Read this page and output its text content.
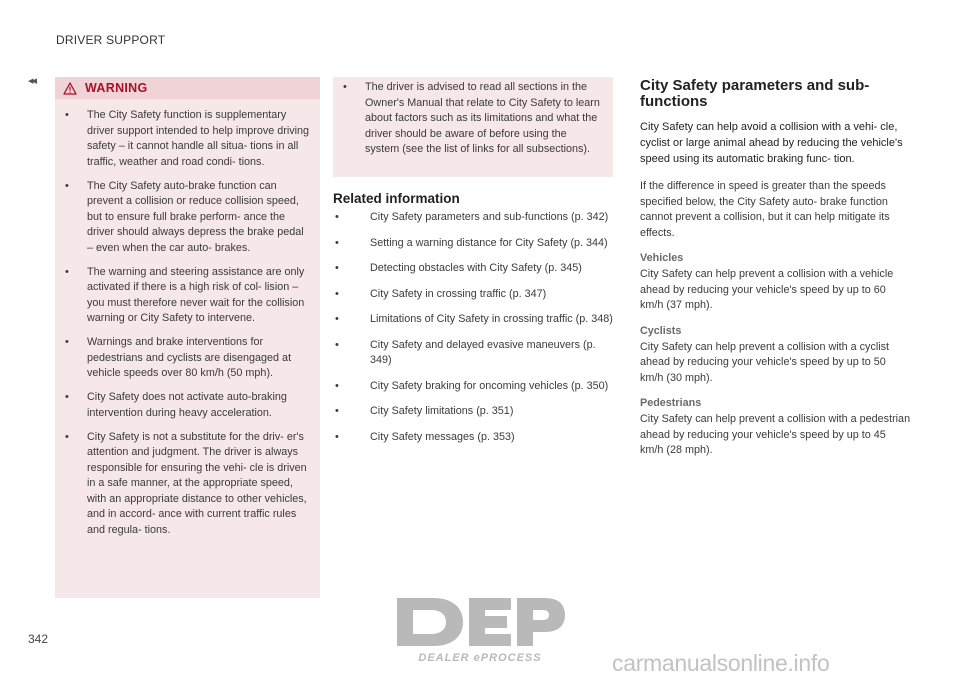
DRIVER SUPPORT
◂◂	WARNING
• The City Safety function is supplementary driver support intended to help improve driving safety – it cannot handle all situa- tions in all traffic, weather and road condi- tions.
• The City Safety auto-brake function can prevent a collision or reduce collision speed, but to ensure full brake perform- ance the driver should always depress the brake pedal – even when the car auto- brakes.
• The warning and steering assistance are only activated if there is a high risk of col- lision – you must therefore never wait for the collision warning or City Safety to intervene.
• Warnings and brake interventions for pedestrians and cyclists are disengaged at vehicle speeds over 80 km/h (50 mph).
• City Safety does not activate auto-braking intervention during heavy acceleration.
• City Safety is not a substitute for the driv- er's attention and judgment. The driver is always responsible for ensuring the vehi- cle is driven in a safe manner, at the appropriate speed, with an appropriate distance to other vehicles, and in accord- ance with current traffic rules and regula- tions.
• The driver is advised to read all sections in the Owner's Manual that relate to City Safety to learn about factors such as its limitations and what the driver should be aware of before using the system (see the list of links for all subsections).
Related information
• City Safety parameters and sub-functions (p. 342)
• Setting a warning distance for City Safety (p. 344)
• Detecting obstacles with City Safety (p. 345)
• City Safety in crossing traffic (p. 347)
• Limitations of City Safety in crossing traffic (p. 348)
• City Safety and delayed evasive maneuvers (p. 349)
• City Safety braking for oncoming vehicles (p. 350)
• City Safety limitations (p. 351)
• City Safety messages (p. 353)
City Safety parameters and sub- functions

City Safety can help avoid a collision with a vehi- cle, cyclist or large animal ahead by reducing the vehicle's speed using its automatic braking func- tion.

If the difference in speed is greater than the speeds specified below, the City Safety auto- brake function cannot prevent a collision, but it can help mitigate its effects.

Vehicles

City Safety can help prevent a collision with a vehicle ahead by reducing your vehicle's speed by up to 60 km/h (37 mph).

Cyclists

City Safety can help prevent a collision with a cyclist ahead by reducing your vehicle's speed by up to 50 km/h (30 mph).

Pedestrians

City Safety can help prevent a collision with a pedestrian ahead by reducing your vehicle's speed by up to 45 km/h (28 mph).

342
DEALER ePROCESS	carmanualsonline.info
